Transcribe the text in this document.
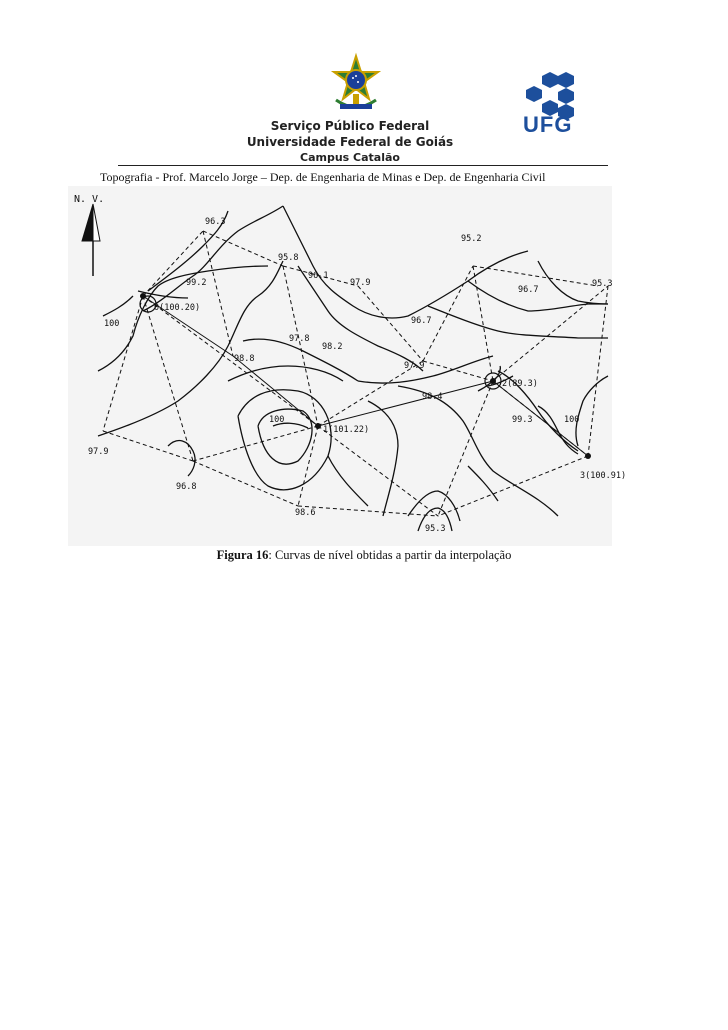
UFG
Serviço Público Federal
Universidade Federal de Goiás
Campus Catalão
Topografia - Prof. Marcelo Jorge – Dep. de Engenharia de Minas e Dep. de Engenharia Civil
N. V.
0(100.20)
1(101.22)
2(89.3)
3(100.91)
96.3
95.8
96.1
99.2	97.9
95.2
96.7
95.3
100	96.7
97.8
98.2
98.8
97.9
98.4
99.3	100
100
97.9
96.8
98.6
95.3
Figura 16: Curvas de nível obtidas a partir da interpolação
